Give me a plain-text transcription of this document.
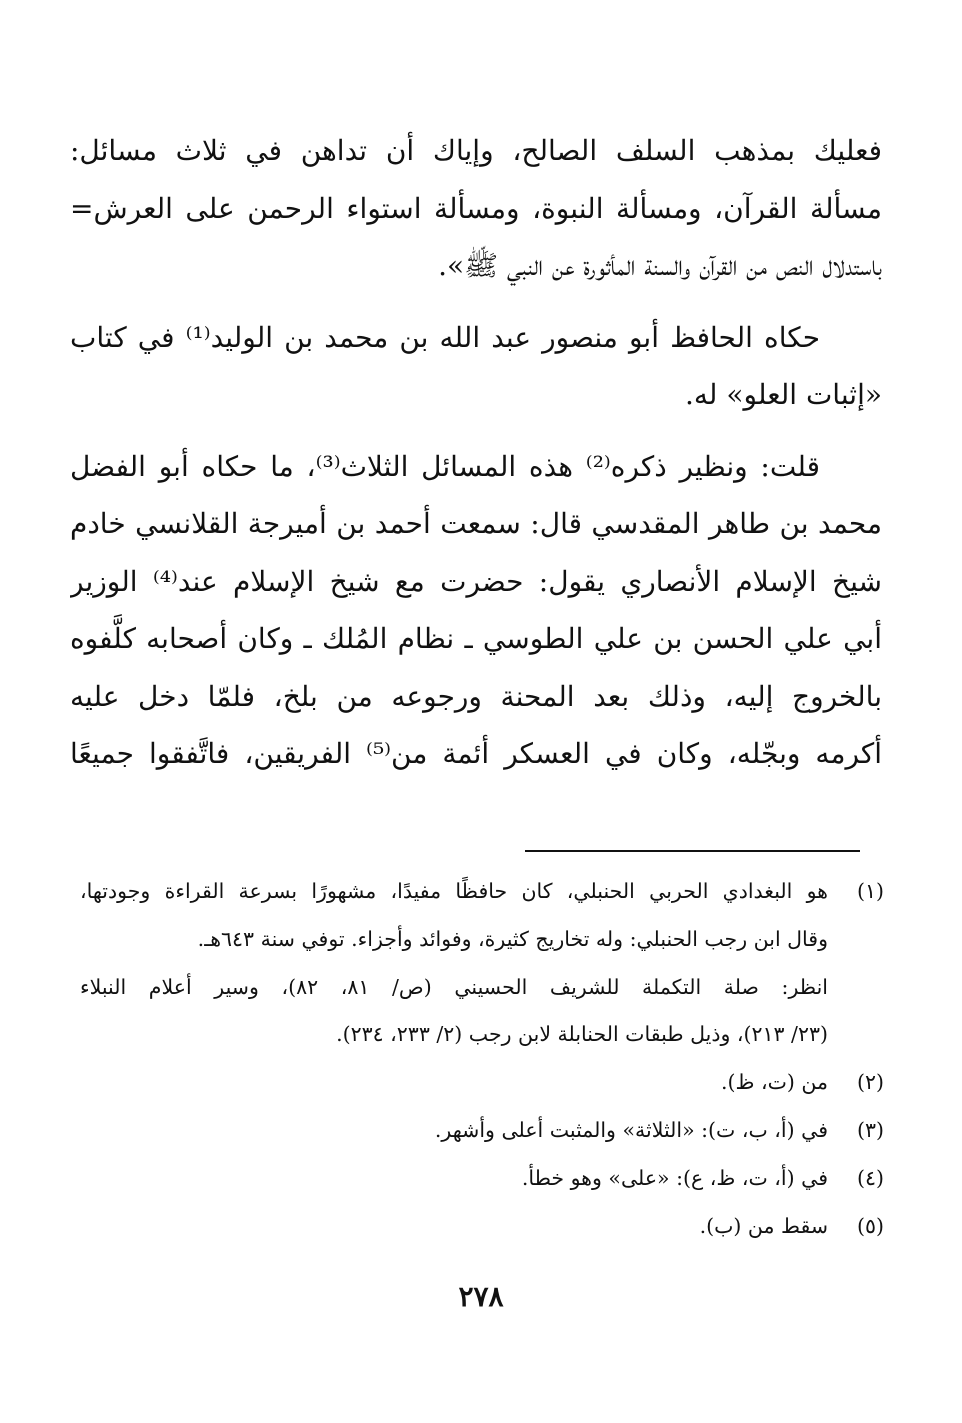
فعليك بمذهب السلف الصالح، وإياك أن تداهن في ثلاث مسائل:
مسألة القرآن، ومسألة النبوة، ومسألة استواء الرحمن على العرش=
باستدلال النص من القرآن والسنة المأثورة عن النبي ﷺ».
حكاه الحافظ أبو منصور عبد الله بن محمد بن الوليد⁽¹⁾ في كتاب
«إثبات العلو» له.
قلت: ونظير ذكره⁽²⁾ هذه المسائل الثلاث⁽³⁾، ما حكاه أبو الفضل
محمد بن طاهر المقدسي قال: سمعت أحمد بن أميرجة القلانسي خادم
شيخ الإسلام الأنصاري يقول: حضرت مع شيخ الإسلام عند⁽⁴⁾ الوزير
أبي علي الحسن بن علي الطوسي ـ نظام المُلك ـ وكان أصحابه كلَّفوه
بالخروج إليه، وذلك بعد المحنة ورجوعه من بلخ، فلمّا دخل عليه
أكرمه وبجّله، وكان في العسكر أئمة من⁽⁵⁾ الفريقين، فاتَّفقوا جميعًا
(١)
هو البغدادي الحربي الحنبلي، كان حافظًا مفيدًا، مشهورًا بسرعة القراءة وجودتها،
وقال ابن رجب الحنبلي: وله تخاريج كثيرة، وفوائد وأجزاء. توفي سنة ٦٤٣هـ.
انظر: صلة التكملة للشريف الحسيني (ص/ ٨١، ٨٢)، وسير أعلام النبلاء
(٢٣/ ٢١٣)، وذيل طبقات الحنابلة لابن رجب (٢/ ٢٣٣، ٢٣٤).
(٢)
من (ت، ظ).
(٣)
في (أ، ب، ت): «الثلاثة» والمثبت أعلى وأشهر.
(٤)
في (أ، ت، ظ، ع): «على» وهو خطأ.
(٥)
سقط من (ب).
٢٧٨
